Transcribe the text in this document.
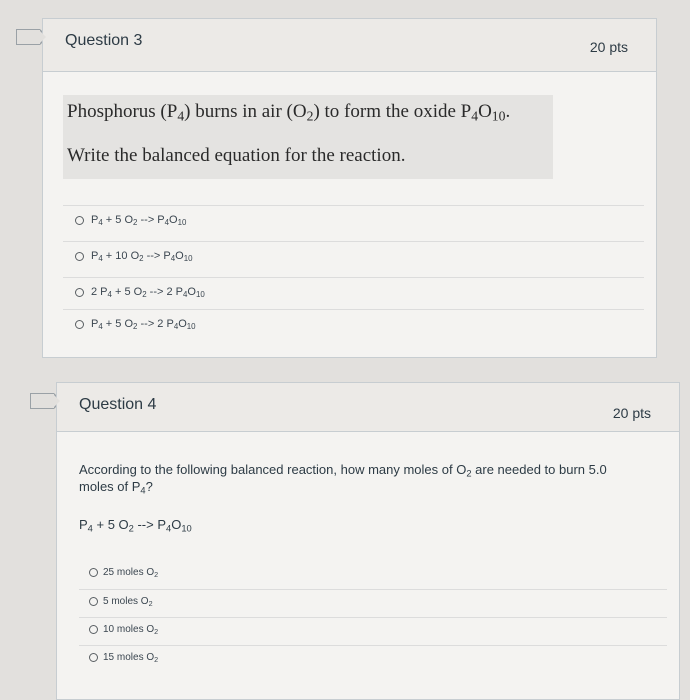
Question 3	20 pts
Phosphorus $(P_4)$ burns in air $(O_2)$ to form the oxide $P_4O_{10}$.
Write the balanced equation for the reaction.
$P_4 + 5$ $O_2$ --> $P_4O_{10}$
$P_4 + 10$ $O_2$ --> $P_4O_{10}$
2 $P_4 + 5$ $O_2$ --> 2 $P_4O_{10}$
$P_4 + 5$ $O_2$ --> 2 $P_4O_{10}$
Question 4	20 pts
According to the following balanced reaction, how many moles of $O_2$ are needed to burn 5.0 moles of $P_4$?
$P_4 + 5$ $O_2$ --> $P_4O_{10}$
25 moles $O_2$
5 moles $O_2$
10 moles $O_2$
15 moles $O_2$
